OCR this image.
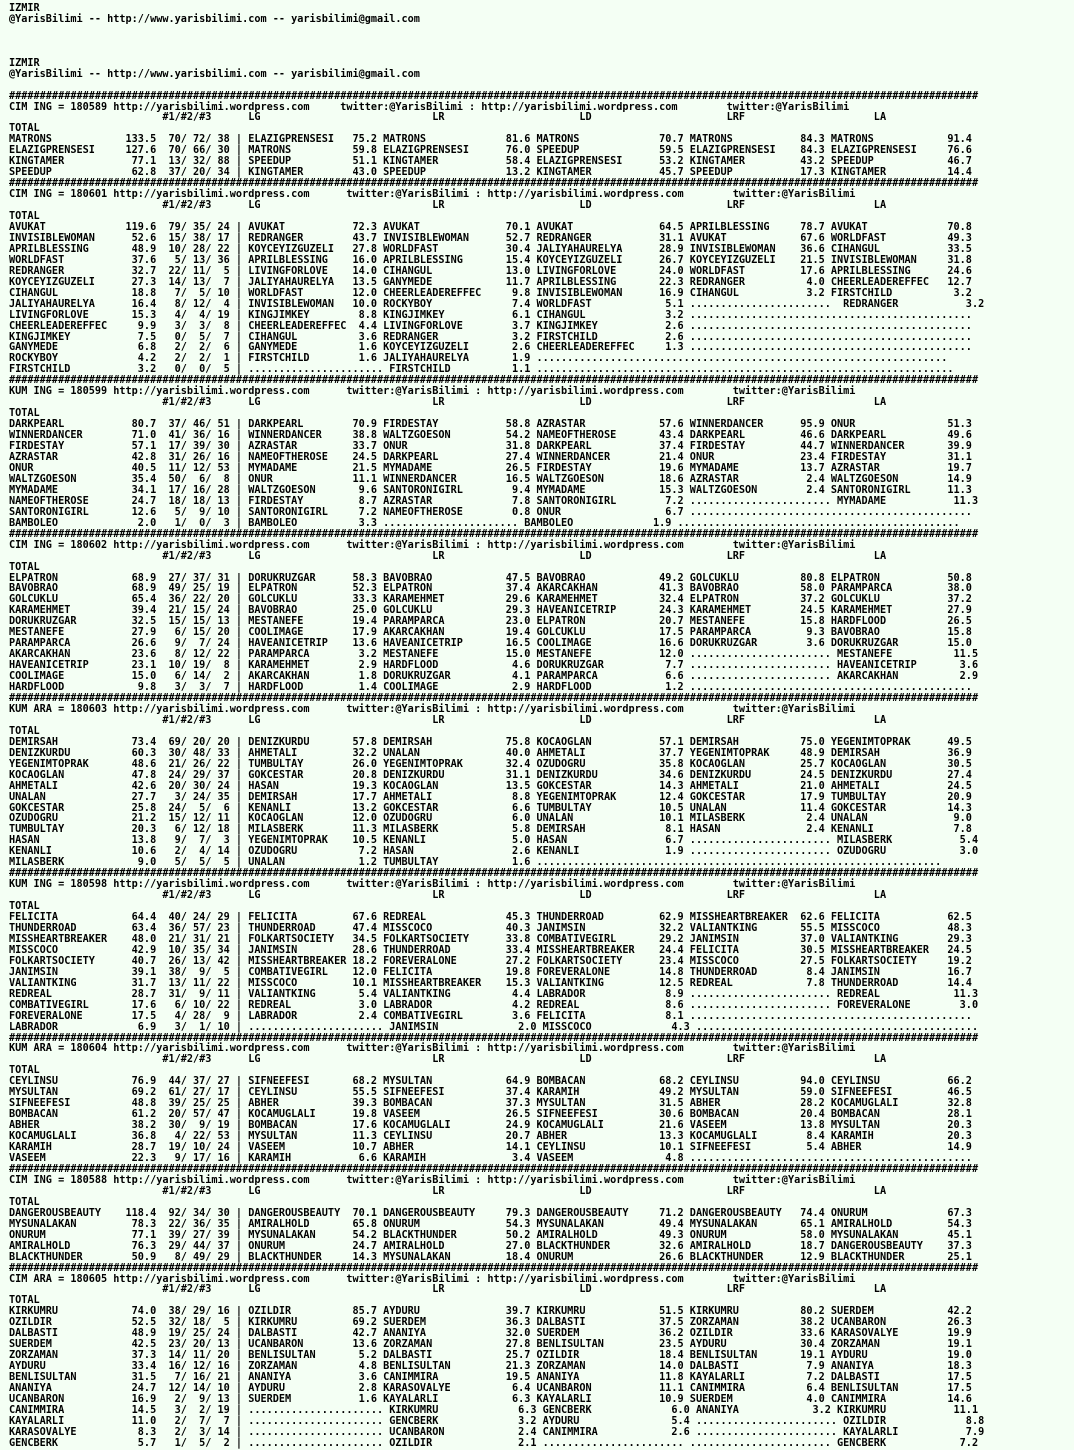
IZMIR
@YarisBilimi -- http://www.yarisbilimi.com -- yarisbilimi@gmail.com
IZMIR
@YarisBilimi -- http://www.yarisbilimi.com -- yarisbilimi@gmail.com
##############################################################################################################################################################
CIM ING = 180589 http://yarisbilimi.wordpress.com     twitter:@YarisBilimi : http://yarisbilimi.wordpress.com        twitter:@YarisBilimi
#1/#2/#3      LG                            LR                      LD                      LRF                     LA
TOTAL
MATRONS            133.5  70/ 72/ 38 | ELAZIGPRENSESI   75.2 MATRONS             81.6 MATRONS             70.7 MATRONS           84.3 MATRONS            91.4
ELAZIGPRENSESI     127.6  70/ 66/ 30 | MATRONS          59.8 ELAZIGPRENSESI      76.0 SPEEDUP             59.5 ELAZIGPRENSESI    84.3 ELAZIGPRENSESI     76.6
KINGTAMER           77.1  13/ 32/ 88 | SPEEDUP          51.1 KINGTAMER           58.4 ELAZIGPRENSESI      53.2 KINGTAMER         43.2 SPEEDUP            46.7
SPEEDUP             62.8  37/ 20/ 34 | KINGTAMER        43.0 SPEEDUP             13.2 KINGTAMER           45.7 SPEEDUP           17.3 KINGTAMER          14.4
##############################################################################################################################################################
CIM ING = 180601 http://yarisbilimi.wordpress.com      twitter:@YarisBilimi : http://yarisbilimi.wordpress.com        twitter:@YarisBilimi
#1/#2/#3      LG                            LR                      LD                      LRF                     LA
TOTAL
AVUKAT             119.6  79/ 35/ 24 | AVUKAT           72.3 AVUKAT              70.1 AVUKAT              64.5 APRILBLESSING     78.7 AVUKAT             70.8
INVISIBLEWOMAN      52.6  15/ 38/ 17 | REDRANGER        43.7 INVISIBLEWOMAN      52.7 REDRANGER           31.1 AVUKAT            67.6 WORLDFAST          49.3
APRILBLESSING       48.9  10/ 28/ 22 | KOYCEYIZGUZELI   27.8 WORLDFAST           30.4 JALIYAHAURELYA      28.9 INVISIBLEWOMAN    36.6 CIHANGUL           33.5
WORLDFAST           37.6   5/ 13/ 36 | APRILBLESSING    16.0 APRILBLESSING       15.4 KOYCEYIZGUZELI      26.7 KOYCEYIZGUZELI    21.5 INVISIBLEWOMAN     31.8
REDRANGER           32.7  22/ 11/  5 | LIVINGFORLOVE    14.0 CIHANGUL            13.0 LIVINGFORLOVE       24.0 WORLDFAST         17.6 APRILBLESSING      24.6
KOYCEYIZGUZELI      27.3  14/ 13/  7 | JALIYAHAURELYA   13.5 GANYMEDE            11.7 APRILBLESSING       22.3 REDRANGER          4.0 CHEERLEADEREFFEC   12.7
CIHANGUL            18.8   7/  5/ 10 | WORLDFAST        12.0 CHEERLEADEREFFEC     9.8 INVISIBLEWOMAN      16.9 CIHANGUL           3.2 FIRSTCHILD          3.2
JALIYAHAURELYA      16.4   8/ 12/  4 | INVISIBLEWOMAN   10.0 ROCKYBOY             7.4 WORLDFAST            5.1 .......................  REDRANGER           3.2
LIVINGFORLOVE       15.3   4/  4/ 19 | KINGJIMKEY        8.8 KINGJIMKEY           6.1 CIHANGUL             3.2 ..............................................
CHEERLEADEREFFEC     9.9   3/  3/  8 | CHEERLEADEREFFEC  4.4 LIVINGFORLOVE        3.7 KINGJIMKEY           2.6 ..............................................
KINGJIMKEY           7.5   0/  5/  7 | CIHANGUL          3.6 REDRANGER            3.2 FIRSTCHILD           2.6 ..............................................
GANYMEDE             6.8   2/  2/  6 | GANYMEDE          1.6 KOYCEYIZGUZELI       2.6 CHEERLEADEREFFEC     1.3 ..............................................
ROCKYBOY             4.2   2/  2/  1 | FIRSTCHILD        1.6 JALIYAHAURELYA       1.9 ...................................................................
FIRSTCHILD           3.2   0/  0/  5 | ...................... FIRSTCHILD          1.1 ....................................................................
##############################################################################################################################################################
KUM ING = 180599 http://yarisbilimi.wordpress.com      twitter:@YarisBilimi : http://yarisbilimi.wordpress.com        twitter:@YarisBilimi
#1/#2/#3      LG                            LR                      LD                      LRF                     LA
TOTAL
DARKPEARL           80.7  37/ 46/ 51 | DARKPEARL        70.9 FIRDESTAY           58.8 AZRASTAR            57.6 WINNERDANCER      95.9 ONUR               51.3
WINNERDANCER        71.0  41/ 36/ 16 | WINNERDANCER     38.8 WALTZGOESON         54.2 NAMEOFTHEROSE       43.4 DARKPEARL         46.6 DARKPEARL          49.6
FIRDESTAY           57.1  17/ 39/ 30 | AZRASTAR         33.7 ONUR                31.8 DARKPEARL           37.4 FIRDESTAY         44.7 WINNERDANCER       39.9
AZRASTAR            42.8  31/ 26/ 16 | NAMEOFTHEROSE    24.5 DARKPEARL           27.4 WINNERDANCER        21.4 ONUR              23.4 FIRDESTAY          31.1
ONUR                40.5  11/ 12/ 53 | MYMADAME         21.5 MYMADAME            26.5 FIRDESTAY           19.6 MYMADAME          13.7 AZRASTAR           19.7
WALTZGOESON         35.4  50/  6/  8 | ONUR             11.1 WINNERDANCER        16.5 WALTZGOESON         18.6 AZRASTAR           2.4 WALTZGOESON        14.9
MYMADAME            34.1  17/ 16/ 28 | WALTZGOESON       9.6 SANTORONIGIRL        9.4 MYMADAME            15.3 WALTZGOESON        2.4 SANTORONIGIRL      11.3
NAMEOFTHEROSE       24.7  18/ 18/ 13 | FIRDESTAY         8.7 AZRASTAR             7.8 SANTORONIGIRL        7.2 ....................... MYMADAME           11.3
SANTORONIGIRL       12.6   5/  9/ 10 | SANTORONIGIRL     7.2 NAMEOFTHEROSE        0.8 ONUR                 6.7 ..............................................
BAMBOLEO             2.0   1/  0/  3 | BAMBOLEO          3.3 ...................... BAMBOLEO             1.9 ..............................................
##############################################################################################################################################################
CIM ING = 180602 http://yarisbilimi.wordpress.com      twitter:@YarisBilimi : http://yarisbilimi.wordpress.com        twitter:@YarisBilimi
#1/#2/#3      LG                            LR                      LD                      LRF                     LA
TOTAL
ELPATRON            68.9  27/ 37/ 31 | DORUKRUZGAR      58.3 BAVOBRAO            47.5 BAVOBRAO            49.2 GOLCUKLU          80.8 ELPATRON           50.8
BAVOBRAO            68.9  49/ 25/ 19 | ELPATRON         52.3 ELPATRON            37.4 AKARCAKHAN          41.3 BAVOBRAO          58.0 PARAMPARCA         38.0
GOLCUKLU            65.4  36/ 22/ 20 | GOLCUKLU         33.3 KARAMEHMET          29.6 KARAMEHMET          32.4 ELPATRON          37.2 GOLCUKLU           37.2
KARAMEHMET          39.4  21/ 15/ 24 | BAVOBRAO         25.0 GOLCUKLU            29.3 HAVEANICETRIP       24.3 KARAMEHMET        24.5 KARAMEHMET         27.9
DORUKRUZGAR         32.5  15/ 15/ 13 | MESTANEFE        19.4 PARAMPARCA          23.0 ELPATRON            20.7 MESTANEFE         15.8 HARDFLOOD          26.5
MESTANEFE           27.9   6/ 15/ 20 | COOLIMAGE        17.9 AKARCAKHAN          19.4 GOLCUKLU            17.5 PARAMPARCA         9.3 BAVOBRAO           15.8
PARAMPARCA          26.6   9/  7/ 24 | HAVEANICETRIP    13.6 HAVEANICETRIP       16.5 COOLIMAGE           16.6 DORUKRUZGAR        3.6 DORUKRUZGAR        15.0
AKARCAKHAN          23.6   8/ 12/ 22 | PARAMPARCA        3.2 MESTANEFE           15.0 MESTANEFE           12.0 ....................... MESTANEFE          11.5
HAVEANICETRIP       23.1  10/ 19/  8 | KARAMEHMET        2.9 HARDFLOOD            4.6 DORUKRUZGAR          7.7 ....................... HAVEANICETRIP       3.6
COOLIMAGE           15.0   6/ 14/  2 | AKARCAKHAN        1.8 DORUKRUZGAR          4.1 PARAMPARCA           6.6 ....................... AKARCAKHAN          2.9
HARDFLOOD            9.8   3/  3/  7 | HARDFLOOD         1.4 COOLIMAGE            2.9 HARDFLOOD            1.2 ..............................................
##############################################################################################################################################################
KUM ARA = 180603 http://yarisbilimi.wordpress.com      twitter:@YarisBilimi : http://yarisbilimi.wordpress.com        twitter:@YarisBilimi
#1/#2/#3      LG                            LR                      LD                      LRF                     LA
TOTAL
DEMIRSAH            73.4  69/ 20/ 20 | DENIZKURDU       57.8 DEMIRSAH            75.8 KOCAOGLAN           57.1 DEMIRSAH          75.0 YEGENIMTOPRAK      49.5
DENIZKURDU          60.3  30/ 48/ 33 | AHMETALI         32.2 UNALAN              40.0 AHMETALI            37.7 YEGENIMTOPRAK     48.9 DEMIRSAH           36.9
YEGENIMTOPRAK       48.6  21/ 26/ 22 | TUMBULTAY        26.0 YEGENIMTOPRAK       32.4 OZUDOGRU            35.8 KOCAOGLAN         25.7 KOCAOGLAN          30.5
KOCAOGLAN           47.8  24/ 29/ 37 | GOKCESTAR        20.8 DENIZKURDU          31.1 DENIZKURDU          34.6 DENIZKURDU        24.5 DENIZKURDU         27.4
AHMETALI            42.6  20/ 30/ 24 | HASAN            19.3 KOCAOGLAN           13.5 GOKCESTAR           14.3 AHMETALI          21.0 AHMETALI           24.5
UNALAN              27.7   3/ 24/ 35 | DEMIRSAH         17.7 AHMETALI             8.8 YEGENIMTOPRAK       12.4 GOKCESTAR         17.9 TUMBULTAY          20.9
GOKCESTAR           25.8  24/  5/  6 | KENANLI          13.2 GOKCESTAR            6.6 TUMBULTAY           10.5 UNALAN            11.4 GOKCESTAR          14.3
OZUDOGRU            21.2  15/ 12/ 11 | KOCAOGLAN        12.0 OZUDOGRU             6.0 UNALAN              10.1 MILASBERK          2.4 UNALAN              9.0
TUMBULTAY           20.3   6/ 12/ 18 | MILASBERK        11.3 MILASBERK            5.8 DEMIRSAH             8.1 HASAN              2.4 KENANLI             7.8
HASAN               13.8   9/  7/  3 | YEGENIMTOPRAK    10.5 KENANLI              5.0 HASAN                6.7 ....................... MILASBERK           5.4
KENANLI             10.6   2/  4/ 14 | OZUDOGRU          7.2 HASAN                2.6 KENANLI              1.9 ....................... OZUDOGRU            3.0
MILASBERK            9.0   5/  5/  5 | UNALAN            1.2 TUMBULTAY            1.6 ..................................................................
##############################################################################################################################################################
KUM ING = 180598 http://yarisbilimi.wordpress.com      twitter:@YarisBilimi : http://yarisbilimi.wordpress.com        twitter:@YarisBilimi
#1/#2/#3      LG                            LR                      LD                      LRF                     LA
TOTAL
FELICITA            64.4  40/ 24/ 29 | FELICITA         67.6 REDREAL             45.3 THUNDERROAD         62.9 MISSHEARTBREAKER  62.6 FELICITA           62.5
THUNDERROAD         63.4  36/ 57/ 23 | THUNDERROAD      47.4 MISSCOCO            40.3 JANIMSIN            32.2 VALIANTKING       55.5 MISSCOCO           48.3
MISSHEARTBREAKER    48.0  21/ 31/ 21 | FOLKARTSOCIETY   34.5 FOLKARTSOCIETY      33.8 COMBATIVEGIRL       29.2 JANIMSIN          37.0 VALIANTKING        29.3
MISSCOCO            42.9  10/ 35/ 34 | JANIMSIN         28.6 THUNDERROAD         33.4 MISSHEARTBREAKER    24.4 FELICITA          30.5 MISSHEARTBREAKER   24.5
FOLKARTSOCIETY      40.7  26/ 13/ 42 | MISSHEARTBREAKER 18.2 FOREVERALONE        27.2 FOLKARTSOCIETY      23.4 MISSCOCO          27.5 FOLKARTSOCIETY     19.2
JANIMSIN            39.1  38/  9/  5 | COMBATIVEGIRL    12.0 FELICITA            19.8 FOREVERALONE        14.8 THUNDERROAD        8.4 JANIMSIN           16.7
VALIANTKING         31.7  13/ 11/ 22 | MISSCOCO         10.1 MISSHEARTBREAKER    15.3 VALIANTKING         12.5 REDREAL            7.8 THUNDERROAD        14.4
REDREAL             28.7  31/  9/ 11 | VALIANTKING       5.4 VALIANTKING          4.4 LABRADOR             8.9 ....................... REDREAL            11.3
COMBATIVEGIRL       17.6   6/ 10/ 22 | REDREAL           3.0 LABRADOR             4.2 REDREAL              8.6 ....................... FOREVERALONE        3.0
FOREVERALONE        17.5   4/ 28/  9 | LABRADOR          2.4 COMBATIVEGIRL        3.6 FELICITA             8.1 ..............................................
LABRADOR             6.9   3/  1/ 10 | ...................... JANIMSIN             2.0 MISSCOCO             4.3 ..............................................
##############################################################################################################################################################
KUM ARA = 180604 http://yarisbilimi.wordpress.com      twitter:@YarisBilimi : http://yarisbilimi.wordpress.com        twitter:@YarisBilimi
#1/#2/#3      LG                            LR                      LD                      LRF                     LA
TOTAL
CEYLINSU            76.9  44/ 37/ 27 | SIFNEEFESI       68.2 MYSULTAN            64.9 BOMBACAN            68.2 CEYLINSU          94.0 CEYLINSU           66.2
MYSULTAN            69.2  61/ 27/ 17 | CEYLINSU         55.5 SIFNEEFESI          37.4 KARAMIH             49.2 MYSULTAN          59.0 SIFNEEFESI         46.5
SIFNEEFESI          48.8  39/ 25/ 25 | ABHER            39.3 BOMBACAN            37.3 MYSULTAN            31.5 ABHER             28.2 KOCAMUGLALI        32.8
BOMBACAN            61.2  20/ 57/ 47 | KOCAMUGLALI      19.8 VASEEM              26.5 SIFNEEFESI          30.6 BOMBACAN          20.4 BOMBACAN           28.1
ABHER               38.2  30/  9/ 19 | BOMBACAN         17.6 KOCAMUGLALI         24.9 KOCAMUGLALI         21.6 VASEEM            13.8 MYSULTAN           20.3
KOCAMUGLALI         36.8   4/ 22/ 53 | MYSULTAN         11.3 CEYLINSU            20.7 ABHER               13.3 KOCAMUGLALI        8.4 KARAMIH            20.3
KARAMIH             28.7  19/ 10/ 24 | VASEEM           10.7 ABHER               14.1 CEYLINSU            10.1 SIFNEEFESI         5.4 ABHER              14.9
VASEEM              22.3   9/ 17/ 16 | KARAMIH           6.6 KARAMIH              3.4 VASEEM               4.8 ..............................................
##############################################################################################################################################################
CIM ING = 180588 http://yarisbilimi.wordpress.com      twitter:@YarisBilimi : http://yarisbilimi.wordpress.com        twitter:@YarisBilimi
#1/#2/#3      LG                            LR                      LD                      LRF                     LA
TOTAL
DANGEROUSBEAUTY    118.4  92/ 34/ 30 | DANGEROUSBEAUTY  70.1 DANGEROUSBEAUTY     79.3 DANGEROUSBEAUTY     71.2 DANGEROUSBEAUTY   74.4 ONURUM             67.3
MYSUNALAKAN         78.3  22/ 36/ 35 | AMIRALHOLD       65.8 ONURUM              54.3 MYSUNALAKAN         49.4 MYSUNALAKAN       65.1 AMIRALHOLD         54.3
ONURUM              77.1  39/ 27/ 39 | MYSUNALAKAN      54.2 BLACKTHUNDER        50.2 AMIRALHOLD          49.3 ONURUM            58.0 MYSUNALAKAN        45.1
AMIRALHOLD          76.3  29/ 44/ 37 | ONURUM           24.7 AMIRALHOLD          27.0 BLACKTHUNDER        32.6 AMIRALHOLD        18.7 DANGEROUSBEAUTY    37.3
BLACKTHUNDER        50.9   8/ 49/ 29 | BLACKTHUNDER     14.3 MYSUNALAKAN         18.4 ONURUM              26.6 BLACKTHUNDER      12.9 BLACKTHUNDER       25.1
##############################################################################################################################################################
CIM ARA = 180605 http://yarisbilimi.wordpress.com      twitter:@YarisBilimi : http://yarisbilimi.wordpress.com        twitter:@YarisBilimi
#1/#2/#3      LG                            LR                      LD                      LRF                     LA
TOTAL
KIRKUMRU            74.0  38/ 29/ 16 | OZILDIR          85.7 AYDURU              39.7 KIRKUMRU            51.5 KIRKUMRU          80.2 SUERDEM            42.2
OZILDIR             52.5  32/ 18/  5 | KIRKUMRU         69.2 SUERDEM             36.3 DALBASTI            37.5 ZORZAMAN          38.2 UCANBARON          26.3
DALBASTI            48.9  19/ 25/ 24 | DALBASTI         42.7 ANANIYA             32.0 SUERDEM             36.2 OZILDIR           33.6 KARASOVALYE        19.9
SUERDEM             42.5  23/ 20/ 13 | UCANBARON        13.6 ZORZAMAN            27.8 BENLISULTAN         23.5 AYDURU            30.4 ZORZAMAN           19.1
ZORZAMAN            37.3  14/ 11/ 20 | BENLISULTAN       5.2 DALBASTI            25.7 OZILDIR             18.4 BENLISULTAN       19.1 AYDURU             19.0
AYDURU              33.4  16/ 12/ 16 | ZORZAMAN          4.8 BENLISULTAN         21.3 ZORZAMAN            14.0 DALBASTI           7.9 ANANIYA            18.3
BENLISULTAN         31.5   7/ 16/ 21 | ANANIYA           3.6 CANIMMIRA           19.5 ANANIYA             11.8 KAYALARLI          7.2 DALBASTI           17.5
ANANIYA             24.7  12/ 14/ 10 | AYDURU            2.8 KARASOVALYE          6.4 UCANBARON           11.1 CANIMMIRA          6.4 BENLISULTAN        17.5
UCANBARON           16.9   2/  9/ 13 | SUERDEM           1.6 KAYALARLI            6.3 KAYALARLI           10.9 SUERDEM            4.0 CANIMMIRA          14.6
CANIMMIRA           14.5   3/  2/ 19 | ...................... KIRKUMRU             6.3 GENCBERK             6.0 ANANIYA            3.2 KIRKUMRU           11.1
KAYALARLI           11.0   2/  7/  7 | ...................... GENCBERK             3.2 AYDURU               5.4 ....................... OZILDIR             8.8
KARASOVALYE          8.3   2/  3/ 14 | ...................... UCANBARON            2.4 CANIMMIRA            2.6 ....................... KAYALARLI           7.9
GENCBERK             5.7   1/  5/  2 | ...................... OZILDIR              2.1 ....................... ....................... GENCBERK            7.2
